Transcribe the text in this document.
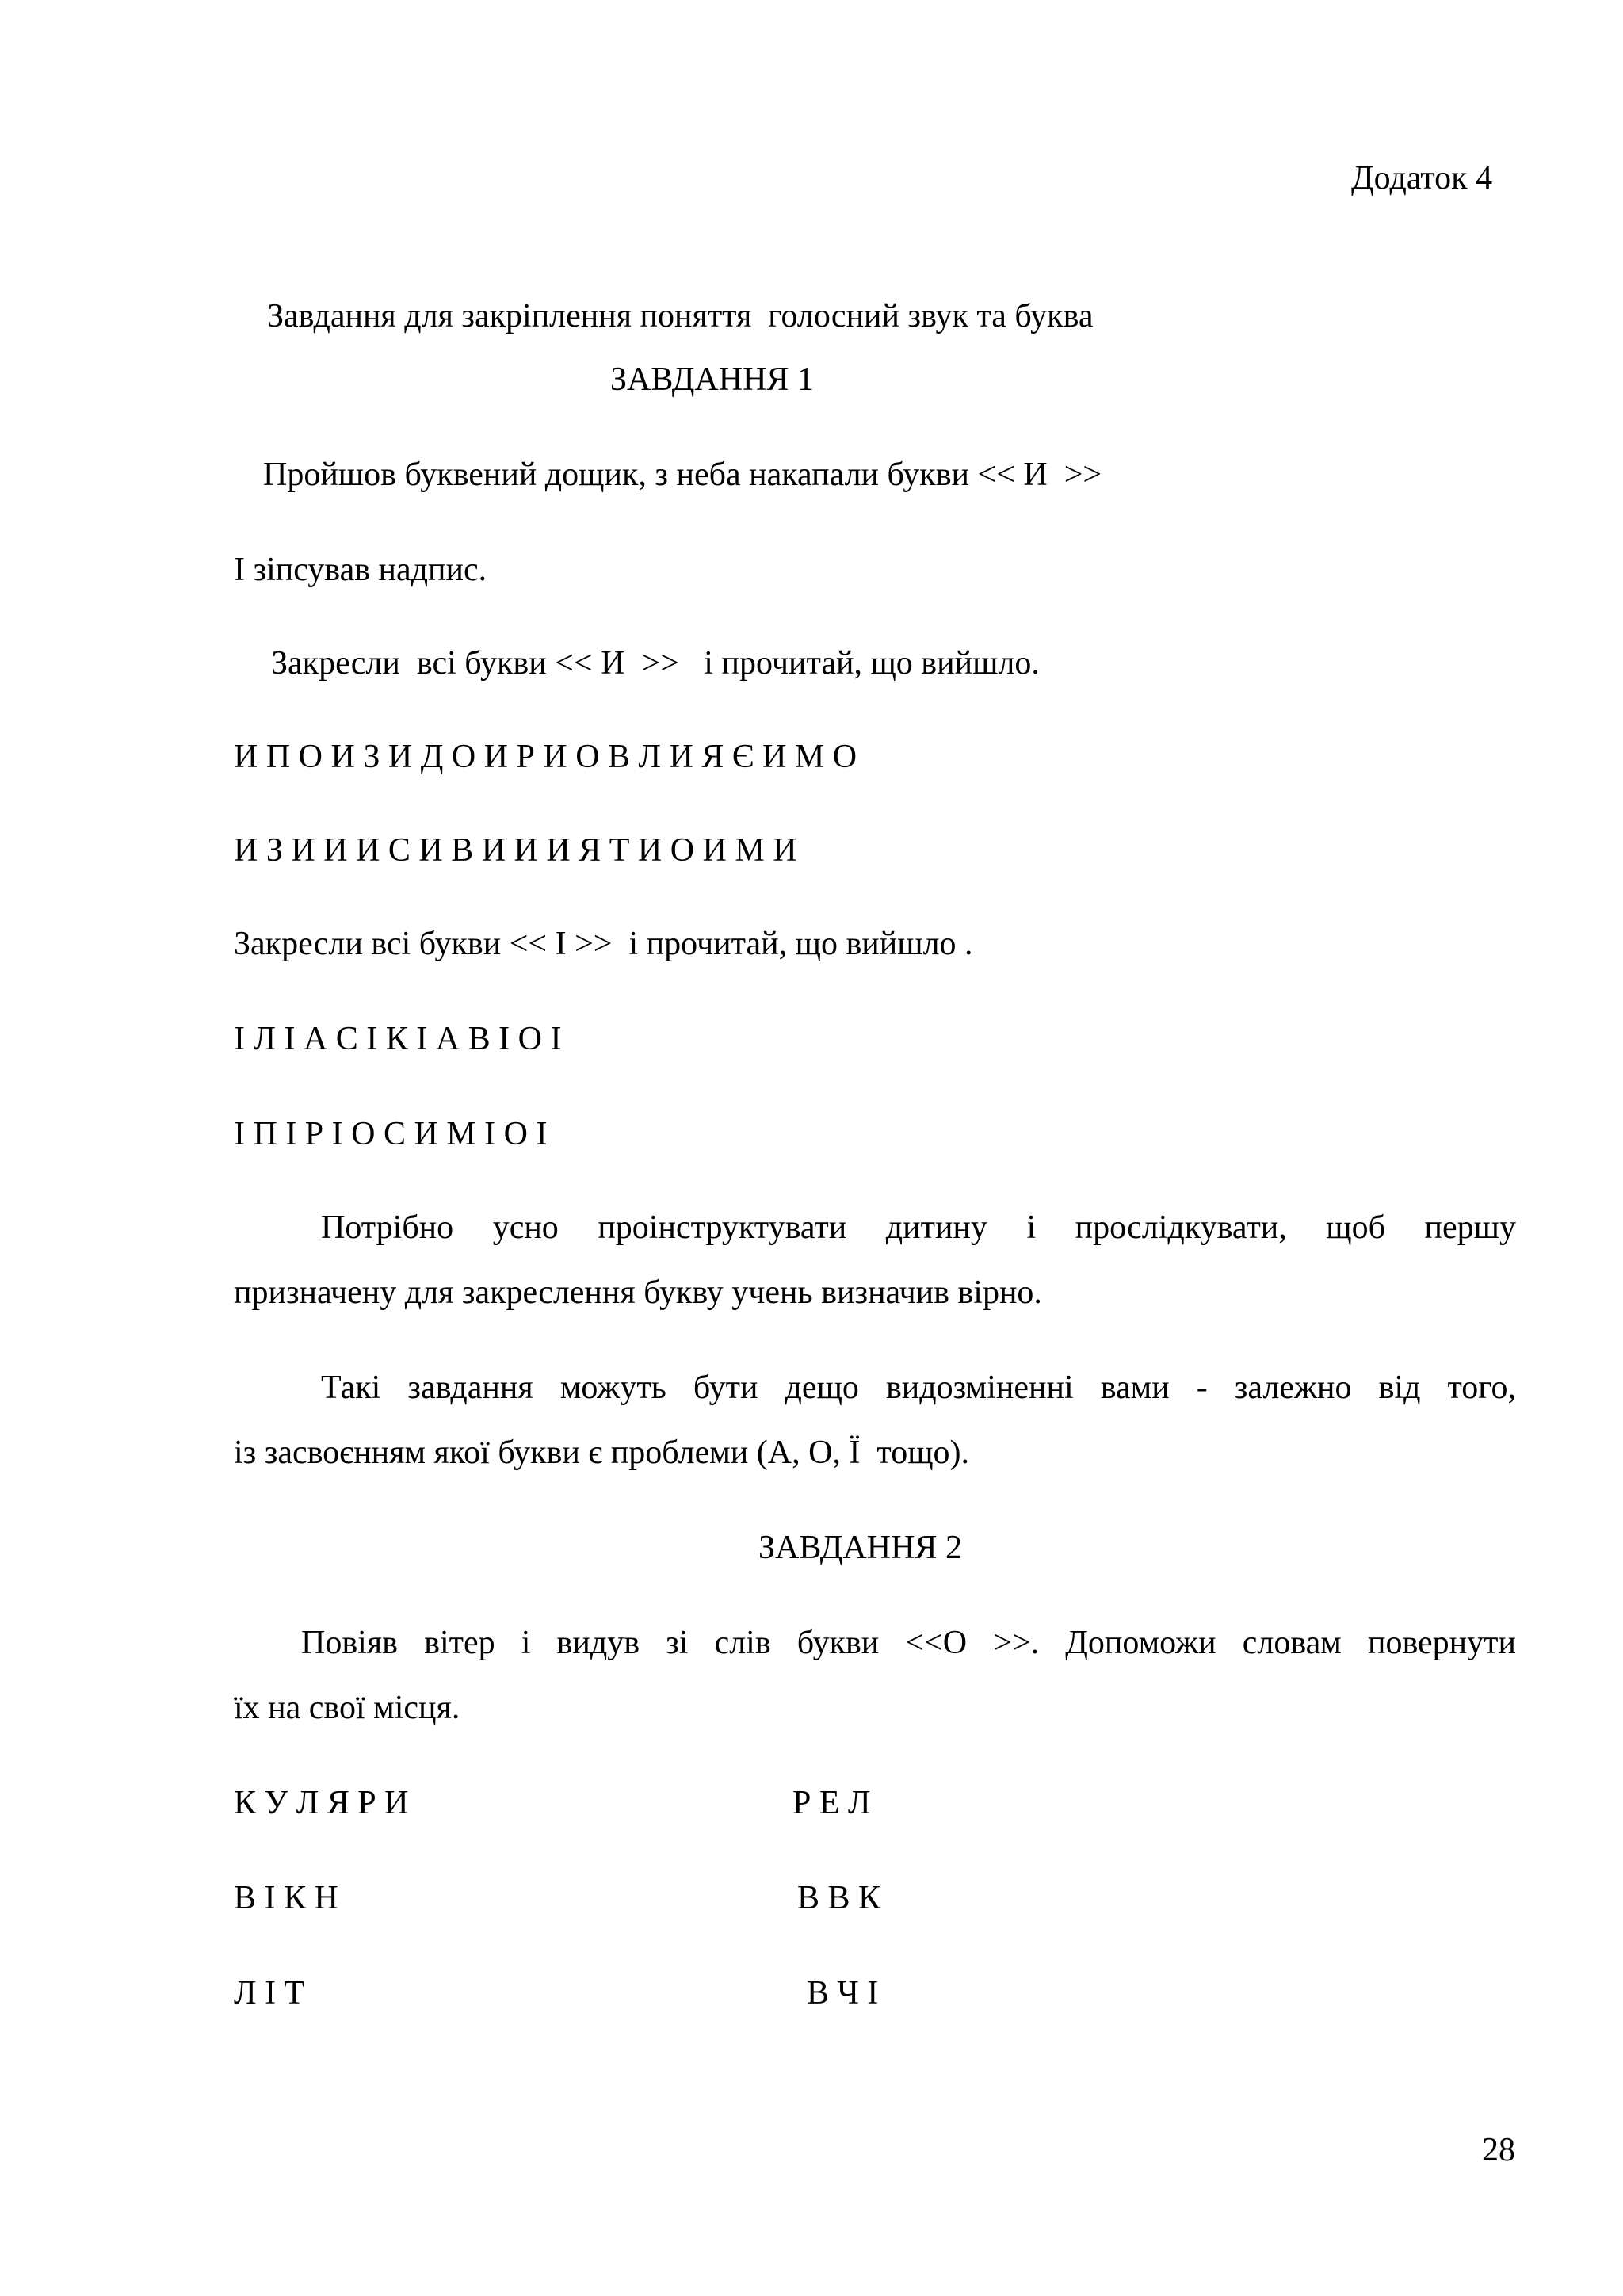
Додаток 4

Завдання для закріплення поняття  голосний звук та буква

ЗАВДАННЯ 1

Пройшов буквений дощик, з неба накапали букви << И  >>

І зіпсував надпис.

Закресли  всі букви << И  >>   і прочитай, що вийшло.

И П О И З И Д О И Р И О В Л И Я Є И М О

И З И И И С И В И И И Я Т И О И М И

Закресли всі букви << І >>  і прочитай, що вийшло .

І Л І А С І К І А В І О І

І П І Р І О С И М І О І

Потрібно усно проінструктувати дитину і прослідкувати, щоб першу

призначену для закреслення букву учень визначив вірно.

Такі завдання можуть бути дещо видозміненні вами - залежно від того,

із засвоєнням якої букви є проблеми (А, О, Ї  тощо).

ЗАВДАННЯ 2

Повіяв вітер і видув зі слів букви <<О >>. Допоможи словам повернути

їх на свої місця.

К У Л Я Р И	Р Е Л

В І К Н	В В К

Л І Т	В Ч І

28
